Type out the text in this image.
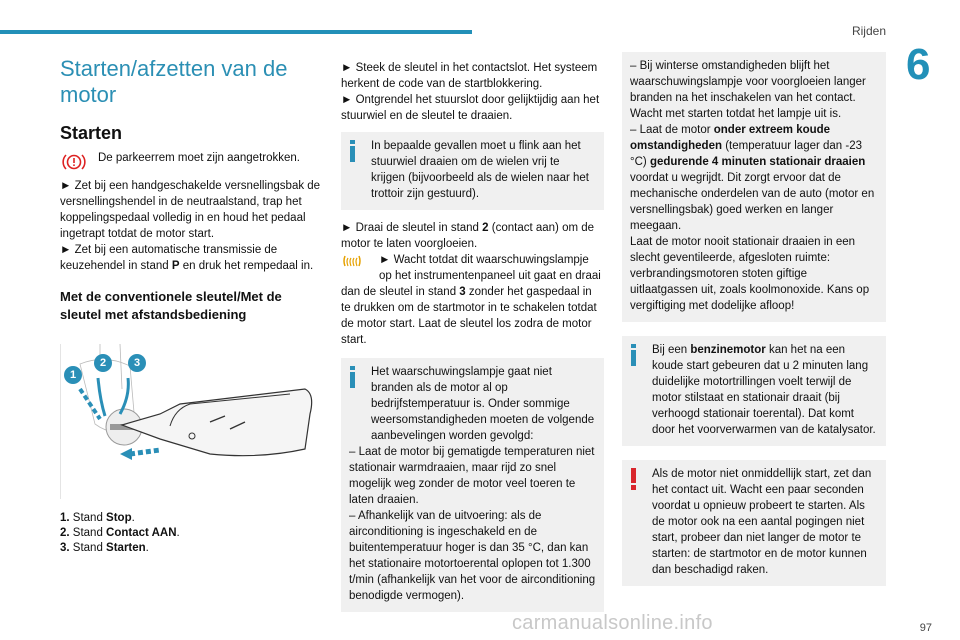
Rijden
6
97
carmanualsonline.info
Starten/afzetten van de motor
Starten

De parkeerrem moet zijn aangetrokken.

► Zet bij een handgeschakelde versnellingsbak de versnellingshendel in de neutraalstand, trap het koppelingspedaal volledig in en houd het pedaal ingetrapt totdat de motor start.

► Zet bij een automatische transmissie de keuzehendel in stand P en druk het rempedaal in.

Met de conventionele sleutel/Met de sleutel met afstandsbediening
1. Stand Stop.
2. Stand Contact AAN.
3. Stand Starten.
1
2	3

► Steek de sleutel in het contactslot. Het systeem herkent de code van de startblokkering.

► Ontgrendel het stuurslot door gelijktijdig aan het stuurwiel en de sleutel te draaien.

In bepaalde gevallen moet u flink aan het stuurwiel draaien om de wielen vrij te krijgen (bijvoorbeeld als de wielen naar het trottoir zijn gestuurd).

► Draai de sleutel in stand 2 (contact aan) om de motor te laten voorgloeien.

► Wacht totdat dit waarschuwingslampje op het instrumentenpaneel uit gaat en draai dan de sleutel in stand 3 zonder het gaspedaal in te drukken om de startmotor in te schakelen totdat de motor start. Laat de sleutel los zodra de motor start.

Het waarschuwingslampje gaat niet branden als de motor al op bedrijfstemperatuur is. Onder sommige weersomstandigheden moeten de volgende aanbevelingen worden gevolgd:

– Laat de motor bij gematigde temperaturen niet stationair warmdraaien, maar rijd zo snel mogelijk weg zonder de motor veel toeren te laten draaien.

– Afhankelijk van de uitvoering: als de airconditioning is ingeschakeld en de buitentemperatuur hoger is dan 35 °C, dan kan het stationaire motortoerental oplopen tot 1.300 t/min (afhankelijk van het voor de airconditioning benodigde vermogen).

– Bij winterse omstandigheden blijft het waarschuwingslampje voor voorgloeien langer branden na het inschakelen van het contact. Wacht met starten totdat het lampje uit is.

– Laat de motor onder extreem koude omstandigheden (temperatuur lager dan -23 °C) gedurende 4 minuten stationair draaien voordat u wegrijdt. Dit zorgt ervoor dat de mechanische onderdelen van de auto (motor en versnellingsbak) goed werken en langer meegaan.

Laat de motor nooit stationair draaien in een slecht geventileerde, afgesloten ruimte: verbrandingsmotoren stoten giftige uitlaatgassen uit, zoals koolmonoxide. Kans op vergiftiging met dodelijke afloop!

Bij een benzinemotor kan het na een koude start gebeuren dat u 2 minuten lang duidelijke motortrillingen voelt terwijl de motor stilstaat en stationair draait (bij verhoogd stationair toerental). Dat komt door het voorverwarmen van de katalysator.

Als de motor niet onmiddellijk start, zet dan het contact uit. Wacht een paar seconden voordat u opnieuw probeert te starten. Als de motor ook na een aantal pogingen niet start, probeer dan niet langer de motor te starten: de startmotor en de motor kunnen dan beschadigd raken.
